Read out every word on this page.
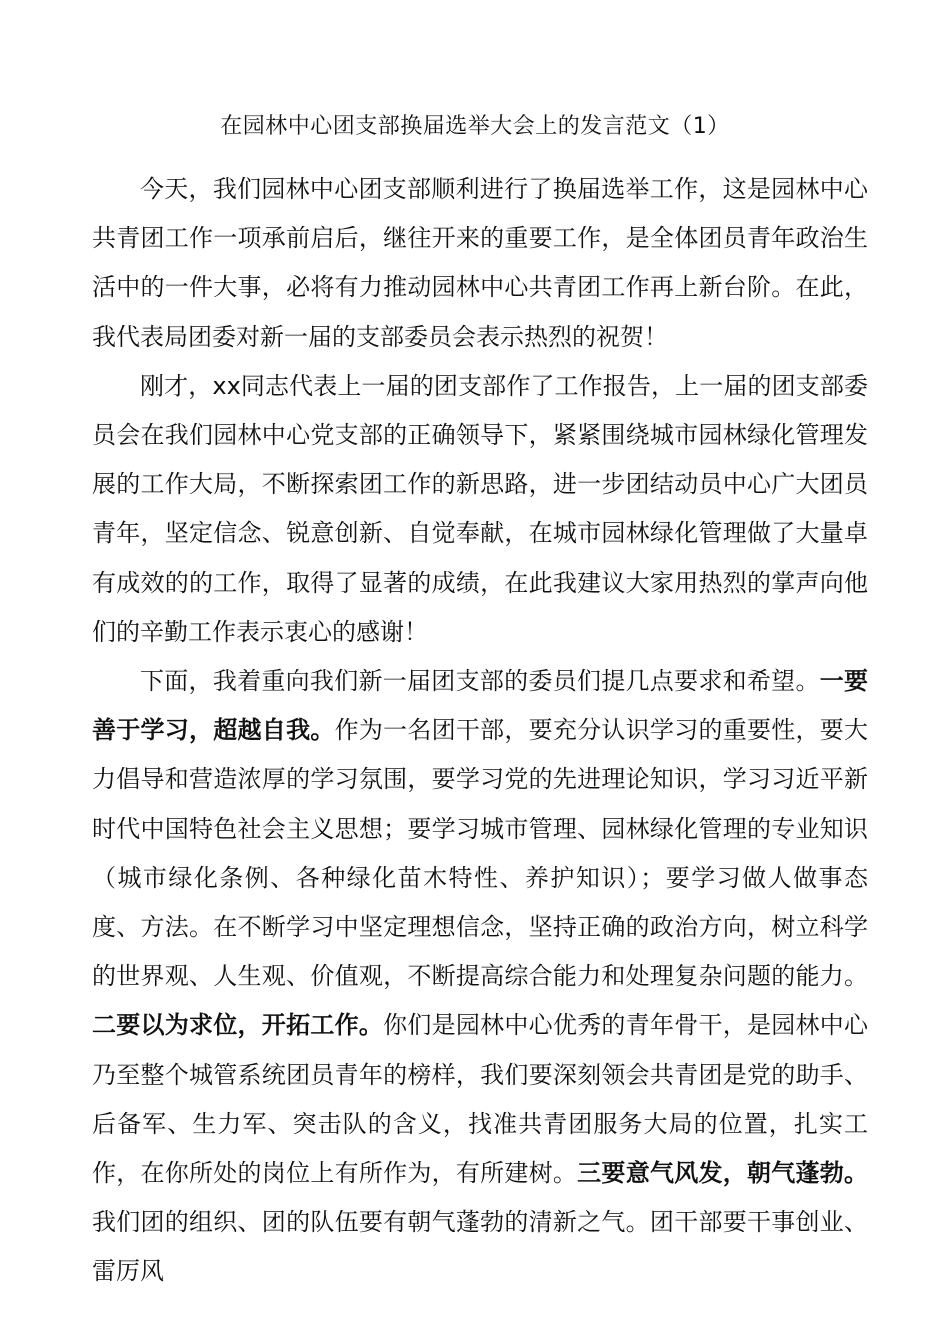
在园林中心团支部换届选举大会上的发言范文（1）

今天，我们园林中心团支部顺利进行了换届选举工作，这是园林中心共青团工作一项承前启后，继往开来的重要工作，是全体团员青年政治生活中的一件大事，必将有力推动园林中心共青团工作再上新台阶。在此，我代表局团委对新一届的支部委员会表示热烈的祝贺！

刚才，xx同志代表上一届的团支部作了工作报告，上一届的团支部委员会在我们园林中心党支部的正确领导下，紧紧围绕城市园林绿化管理发展的工作大局，不断探索团工作的新思路，进一步团结动员中心广大团员青年，坚定信念、锐意创新、自觉奉献，在城市园林绿化管理做了大量卓有成效的的工作，取得了显著的成绩，在此我建议大家用热烈的掌声向他们的辛勤工作表示衷心的感谢！

下面，我着重向我们新一届团支部的委员们提几点要求和希望。一要善于学习，超越自我。作为一名团干部，要充分认识学习的重要性，要大力倡导和营造浓厚的学习氛围，要学习党的先进理论知识，学习习近平新时代中国特色社会主义思想；要学习城市管理、园林绿化管理的专业知识（城市绿化条例、各种绿化苗木特性、养护知识）；要学习做人做事态度、方法。在不断学习中坚定理想信念，坚持正确的政治方向，树立科学的世界观、人生观、价值观，不断提高综合能力和处理复杂问题的能力。二要以为求位，开拓工作。你们是园林中心优秀的青年骨干，是园林中心乃至整个城管系统团员青年的榜样，我们要深刻领会共青团是党的助手、后备军、生力军、突击队的含义，找准共青团服务大局的位置，扎实工作，在你所处的岗位上有所作为，有所建树。三要意气风发，朝气蓬勃。我们团的组织、团的队伍要有朝气蓬勃的清新之气。团干部要干事创业、雷厉风
